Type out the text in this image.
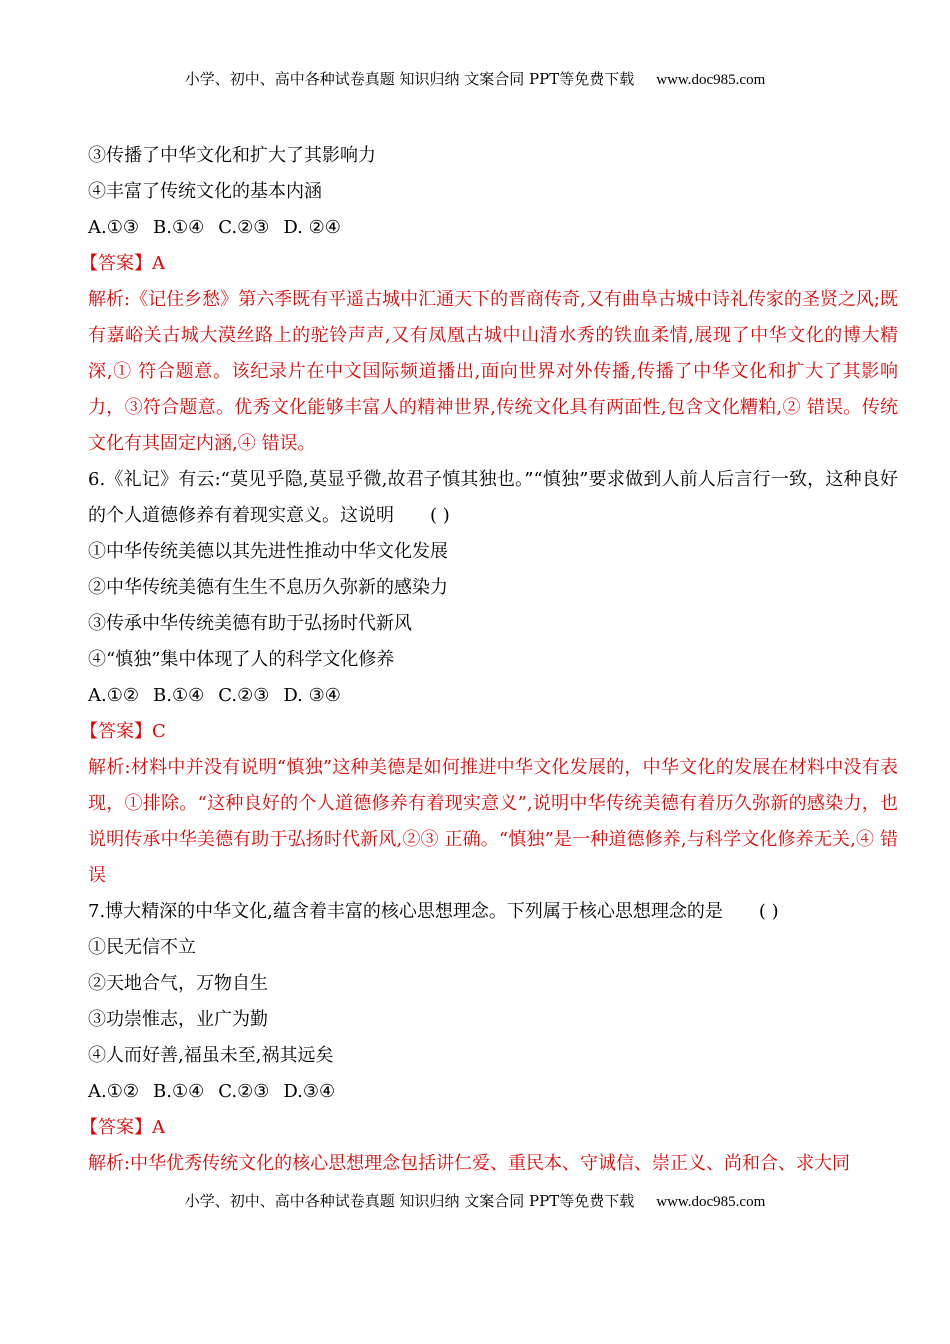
小学、初中、高中各种试卷真题 知识归纳 文案合同 PPT等免费下载 www.doc985.com
③传播了中华文化和扩大了其影响力
④丰富了传统文化的基本内涵
A.①③ B.①④ C.②③ D. ②④
【答案】A
解析:《记住乡愁》第六季既有平遥古城中汇通天下的晋商传奇,又有曲阜古城中诗礼传家的圣贤之风;既有嘉峪关古城大漠丝路上的驼铃声声,又有凤凰古城中山清水秀的铁血柔情,展现了中华文化的博大精深,① 符合题意。该纪录片在中文国际频道播出,面向世界对外传播,传播了中华文化和扩大了其影响力，③符合题意。优秀文化能够丰富人的精神世界,传统文化具有两面性,包含文化糟粕,② 错误。传统文化有其固定内涵,④ 错误。
6.《礼记》有云:“莫见乎隐,莫显乎微,故君子慎其独也。”“慎独”要求做到人前人后言行一致，这种良好的个人道德修养有着现实意义。这说明　　( )
①中华传统美德以其先进性推动中华文化发展
②中华传统美德有生生不息历久弥新的感染力
③传承中华传统美德有助于弘扬时代新风
④“慎独”集中体现了人的科学文化修养
A.①② B.①④ C.②③ D. ③④
【答案】C
解析:材料中并没有说明“慎独”这种美德是如何推进中华文化发展的，中华文化的发展在材料中没有表现，①排除。“这种良好的个人道德修养有着现实意义”,说明中华传统美德有着历久弥新的感染力，也说明传承中华美德有助于弘扬时代新风,②③ 正确。“慎独”是一种道德修养,与科学文化修养无关,④ 错误
7.博大精深的中华文化,蕴含着丰富的核心思想理念。下列属于核心思想理念的是　　( )
①民无信不立
②天地合气，万物自生
③功崇惟志，业广为勤
④人而好善,福虽未至,祸其远矣
A.①② B.①④ C.②③ D.③④
【答案】A
解析:中华优秀传统文化的核心思想理念包括讲仁爱、重民本、守诚信、崇正义、尚和合、求大同
小学、初中、高中各种试卷真题 知识归纳 文案合同 PPT等免费下载 www.doc985.com
